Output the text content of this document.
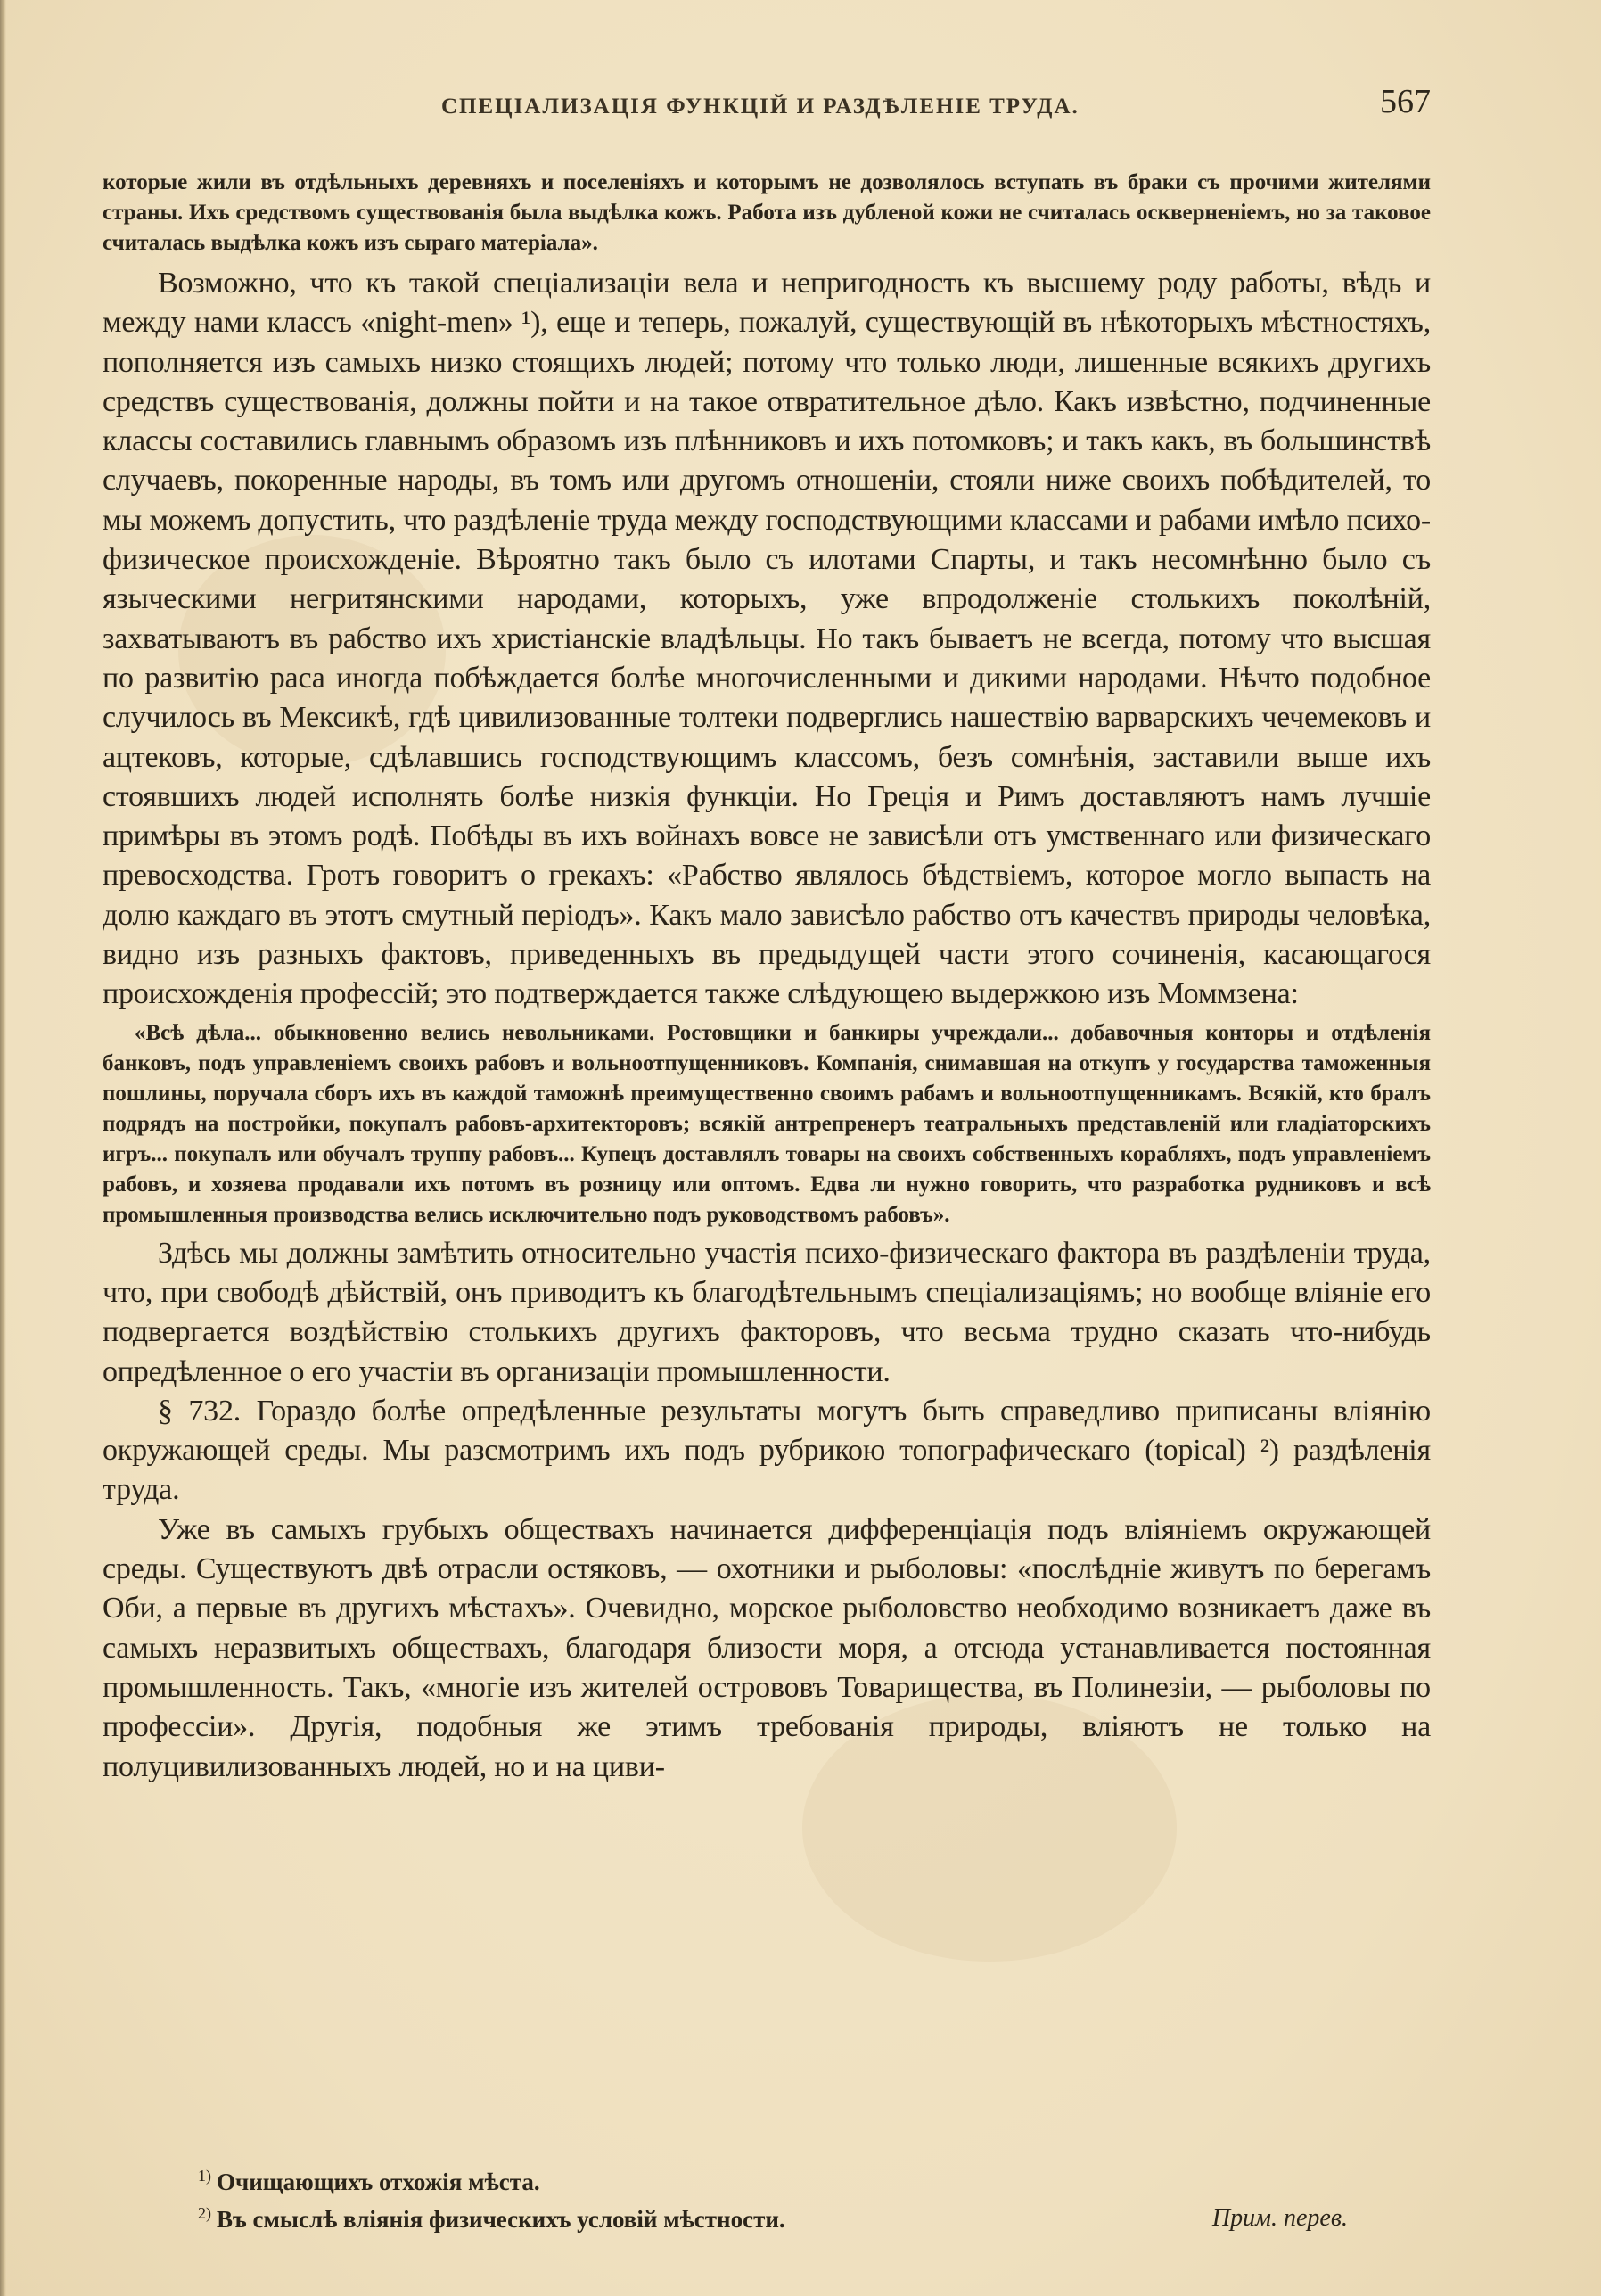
СПЕЦІАЛИЗАЦІЯ ФУНКЦІЙ И РАЗДѢЛЕНІЕ ТРУДА.	567

которые жили въ отдѣльныхъ деревняхъ и поселеніяхъ и которымъ не дозволялось вступать въ браки съ прочими жителями страны. Ихъ средствомъ существованія была выдѣлка кожъ. Работа изъ дубленой кожи не считалась оскверненіемъ, но за таковое считалась выдѣлка кожъ изъ сыраго матеріала».

Возможно, что къ такой спеціализаціи вела и непригодность къ высшему роду работы, вѣдь и между нами классъ «night-men» ¹), еще и теперь, пожалуй, существующій въ нѣкоторыхъ мѣстностяхъ, пополняется изъ самыхъ низко стоящихъ людей; потому что только люди, лишенные всякихъ другихъ средствъ существованія, должны пойти и на такое отвратительное дѣло. Какъ извѣстно, подчиненные классы составились главнымъ образомъ изъ плѣнниковъ и ихъ потомковъ; и такъ какъ, въ большинствѣ случаевъ, покоренные народы, въ томъ или другомъ отношеніи, стояли ниже своихъ побѣдителей, то мы можемъ допустить, что раздѣленіе труда между господствующими классами и рабами имѣло психо-физическое происхожденіе. Вѣроятно такъ было съ илотами Спарты, и такъ несомнѣнно было съ языческими негритянскими народами, которыхъ, уже впродолженіе столькихъ поколѣній, захватываютъ въ рабство ихъ христіанскіе владѣльцы. Но такъ бываетъ не всегда, потому что высшая по развитію раса иногда побѣждается болѣе многочисленными и дикими народами. Нѣчто подобное случилось въ Мексикѣ, гдѣ цивилизованные толтеки подверглись нашествію варварскихъ чечемековъ и ацтековъ, которые, сдѣлавшись господствующимъ классомъ, безъ сомнѣнія, заставили выше ихъ стоявшихъ людей исполнять болѣе низкія функціи. Но Греція и Римъ доставляютъ намъ лучшіе примѣры въ этомъ родѣ. Побѣды въ ихъ войнахъ вовсе не зависѣли отъ умственнаго или физическаго превосходства. Гротъ говоритъ о грекахъ: «Рабство являлось бѣдствіемъ, которое могло выпасть на долю каждаго въ этотъ смутный періодъ». Какъ мало зависѣло рабство отъ качествъ природы человѣка, видно изъ разныхъ фактовъ, приведенныхъ въ предыдущей части этого сочиненія, касающагося происхожденія профессій; это подтверждается также слѣдующею выдержкою изъ Моммзена:

«Всѣ дѣла... обыкновенно велись невольниками. Ростовщики и банкиры учреждали... добавочныя конторы и отдѣленія банковъ, подъ управленіемъ своихъ рабовъ и вольноотпущенниковъ. Компанія, снимавшая на откупъ у государства таможенныя пошлины, поручала сборъ ихъ въ каждой таможнѣ преимущественно своимъ рабамъ и вольноотпущенникамъ. Всякій, кто бралъ подрядъ на постройки, покупалъ рабовъ-архитекторовъ; всякій антрепренеръ театральныхъ представленій или гладіаторскихъ игръ... покупалъ или обучалъ труппу рабовъ... Купецъ доставлялъ товары на своихъ собственныхъ корабляхъ, подъ управленіемъ рабовъ, и хозяева продавали ихъ потомъ въ розницу или оптомъ. Едва ли нужно говорить, что разработка рудниковъ и всѣ промышленныя производства велись исключительно подъ руководствомъ рабовъ».

Здѣсь мы должны замѣтить относительно участія психо-физическаго фактора въ раздѣленіи труда, что, при свободѣ дѣйствій, онъ приводитъ къ благодѣтельнымъ спеціализаціямъ; но вообще вліяніе его подвергается воздѣйствію столькихъ другихъ факторовъ, что весьма трудно сказать что-нибудь опредѣленное о его участіи въ организаціи промышленности.

§ 732. Гораздо болѣе опредѣленные результаты могутъ быть справедливо приписаны вліянію окружающей среды. Мы разсмотримъ ихъ подъ рубрикою топографическаго (topical) ²) раздѣленія труда.

Уже въ самыхъ грубыхъ обществахъ начинается дифференціація подъ вліяніемъ окружающей среды. Существуютъ двѣ отрасли остяковъ, — охотники и рыболовы: «послѣдніе живутъ по берегамъ Оби, а первые въ другихъ мѣстахъ». Очевидно, морское рыболовство необходимо возникаетъ даже въ самыхъ неразвитыхъ обществахъ, благодаря близости моря, а отсюда устанавливается постоянная промышленность. Такъ, «многіе изъ жителей острововъ Товарищества, въ Полинезіи, — рыболовы по профессіи». Другія, подобныя же этимъ требованія природы, вліяютъ не только на полуцивилизованныхъ людей, но и на циви-

$^{1)}$ Очищающихъ отхожія мѣста.
$^{2)}$ Въ смыслѣ вліянія физическихъ условій мѣстности.	Прим. перев.
